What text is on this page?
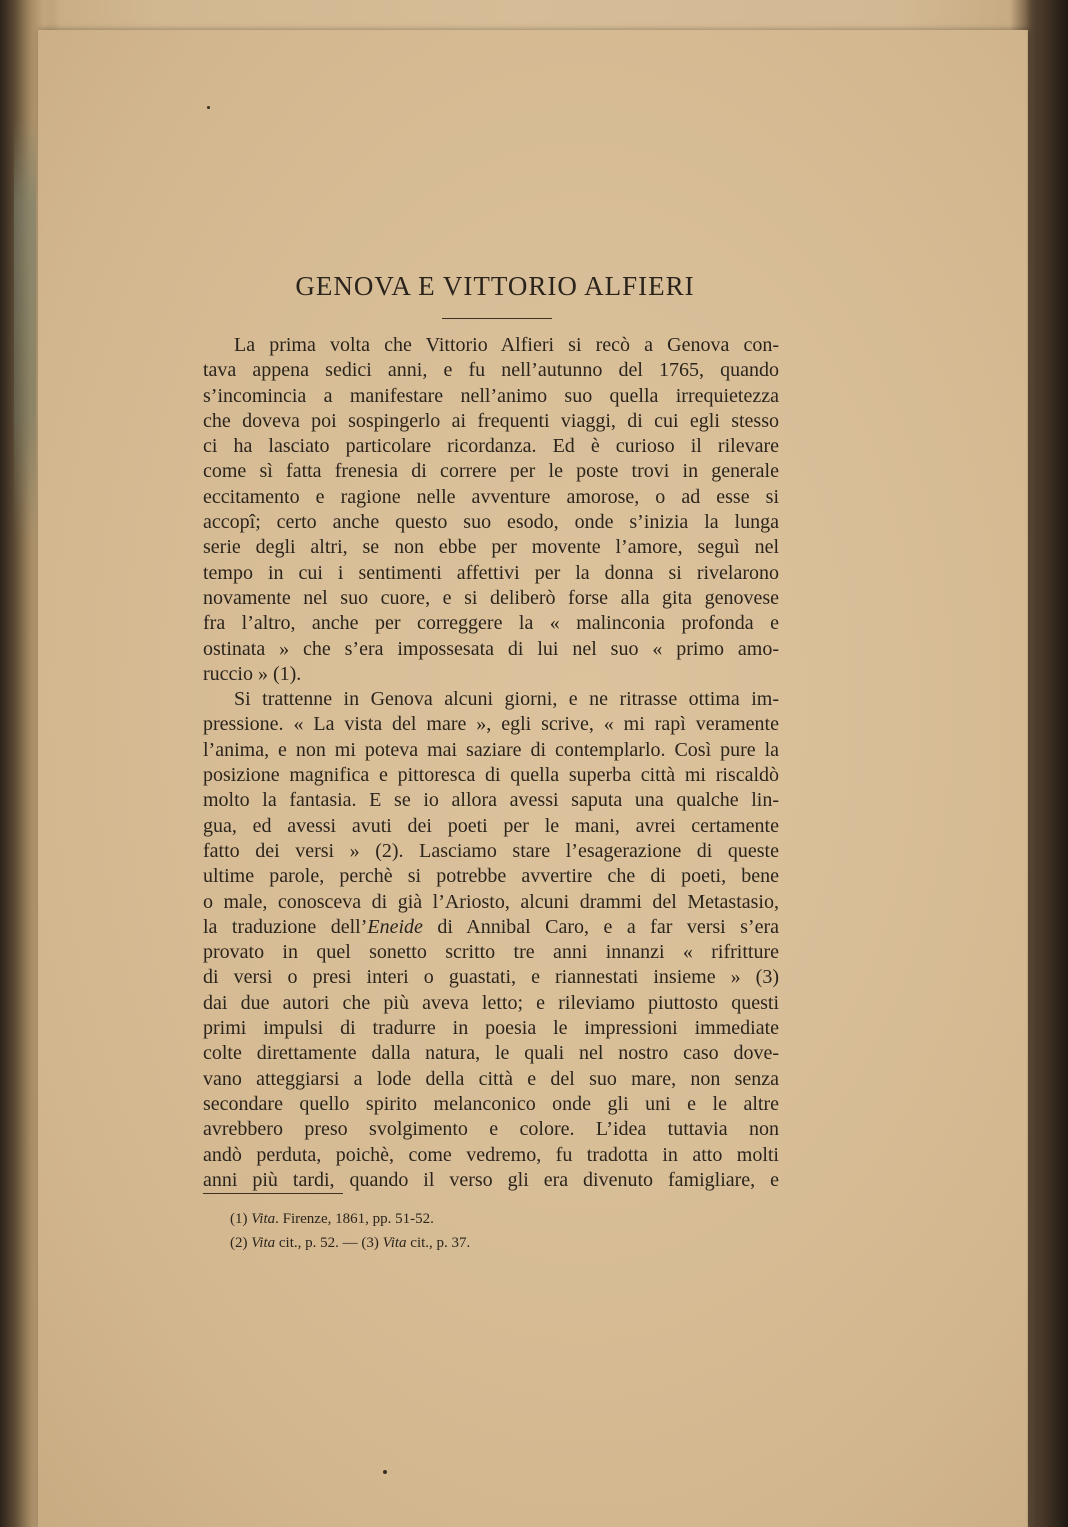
GENOVA E VITTORIO ALFIERI
La prima volta che Vittorio Alfieri si recò a Genova con-
tava appena sedici anni, e fu nell’autunno del 1765, quando
s’incomincia a manifestare nell’animo suo quella irrequietezza
che doveva poi sospingerlo ai frequenti viaggi, di cui egli stesso
ci ha lasciato particolare ricordanza. Ed è curioso il rilevare
come sì fatta frenesia di correre per le poste trovi in generale
eccitamento e ragione nelle avventure amorose, o ad esse si
accopî; certo anche questo suo esodo, onde s’inizia la lunga
serie degli altri, se non ebbe per movente l’amore, seguì nel
tempo in cui i sentimenti affettivi per la donna si rivelarono
novamente nel suo cuore, e si deliberò forse alla gita genovese
fra l’altro, anche per correggere la « malinconia profonda e
ostinata » che s’era impossesata di lui nel suo « primo amo-
ruccio » (1).
Si trattenne in Genova alcuni giorni, e ne ritrasse ottima im-
pressione. « La vista del mare », egli scrive, « mi rapì veramente
l’anima, e non mi poteva mai saziare di contemplarlo. Così pure la
posizione magnifica e pittoresca di quella superba città mi riscaldò
molto la fantasia. E se io allora avessi saputa una qualche lin-
gua, ed avessi avuti dei poeti per le mani, avrei certamente
fatto dei versi » (2). Lasciamo stare l’esagerazione di queste
ultime parole, perchè si potrebbe avvertire che di poeti, bene
o male, conosceva di già l’Ariosto, alcuni drammi del Metastasio,
la traduzione dell’Eneide di Annibal Caro, e a far versi s’era
provato in quel sonetto scritto tre anni innanzi « rifritture
di versi o presi interi o guastati, e riannestati insieme » (3)
dai due autori che più aveva letto; e rileviamo piuttosto questi
primi impulsi di tradurre in poesia le impressioni immediate
colte direttamente dalla natura, le quali nel nostro caso dove-
vano atteggiarsi a lode della città e del suo mare, non senza
secondare quello spirito melanconico onde gli uni e le altre
avrebbero preso svolgimento e colore. L’idea tuttavia non
andò perduta, poichè, come vedremo, fu tradotta in atto molti
anni più tardi, quando il verso gli era divenuto famigliare, e
(1) Vita. Firenze, 1861, pp. 51-52.
(2) Vita cit., p. 52. — (3) Vita cit., p. 37.
